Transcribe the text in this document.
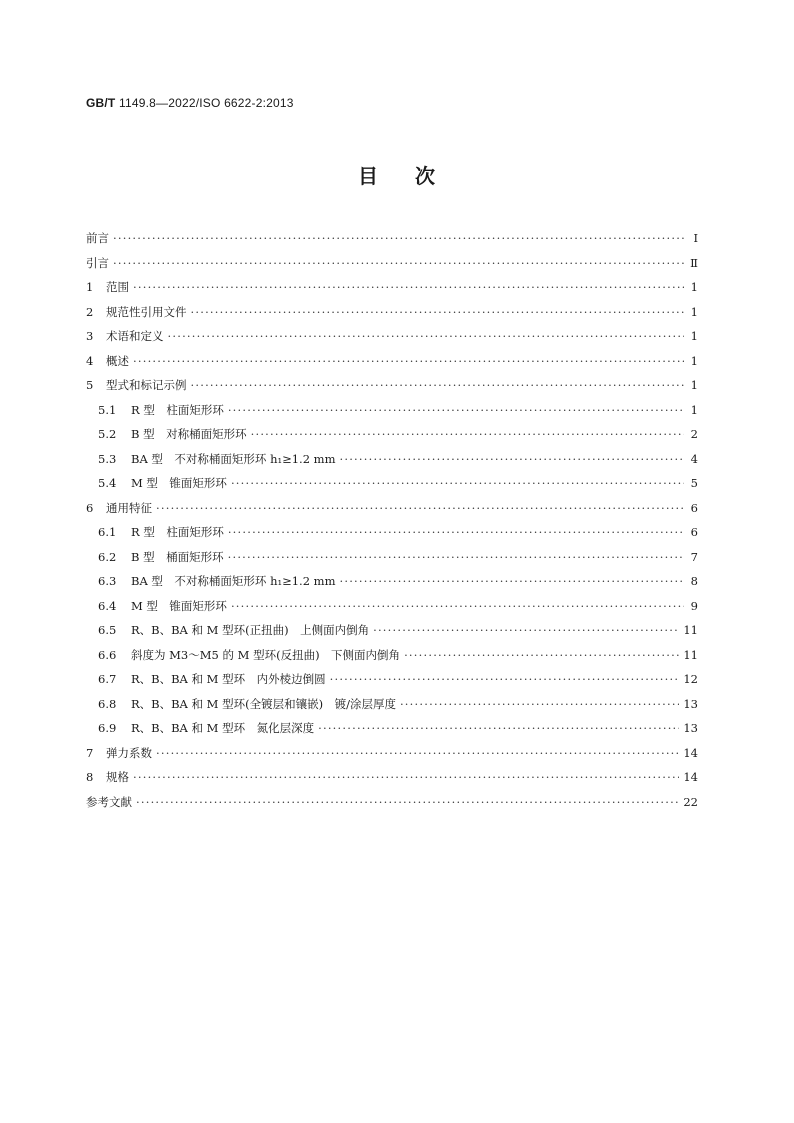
GB/T 1149.8—2022/ISO 6622-2:2013
目 次
前言 ·····	Ⅰ
引言 ·····	Ⅱ
1	范围 ·····	1
2	规范性引用文件 ·····	1
3	术语和定义 ·····	1
4	概述 ·····	1
5	型式和标记示例 ·····	1
5.1	R 型　柱面矩形环 ·····	1
5.2	B 型　对称桶面矩形环 ·····	2
5.3	BA 型　不对称桶面矩形环 h₁≥1.2 mm ·····	4
5.4	M 型　锥面矩形环 ·····	5
6	通用特征 ·····	6
6.1	R 型　柱面矩形环 ·····	6
6.2	B 型　桶面矩形环 ·····	7
6.3	BA 型　不对称桶面矩形环 h₁≥1.2 mm ·····	8
6.4	M 型　锥面矩形环 ·····	9
6.5	R、B、BA 和 M 型环(正扭曲)　上侧面内倒角 ·····	11
6.6	斜度为 M3～M5 的 M 型环(反扭曲)　下侧面内倒角 ·····	11
6.7	R、B、BA 和 M 型环　内外棱边倒圆 ·····	12
6.8	R、B、BA 和 M 型环(全镀层和镶嵌)　镀/涂层厚度 ·····	13
6.9	R、B、BA 和 M 型环　氮化层深度 ·····	13
7	弹力系数 ·····	14
8	规格 ·····	14
参考文献 ·····	22
